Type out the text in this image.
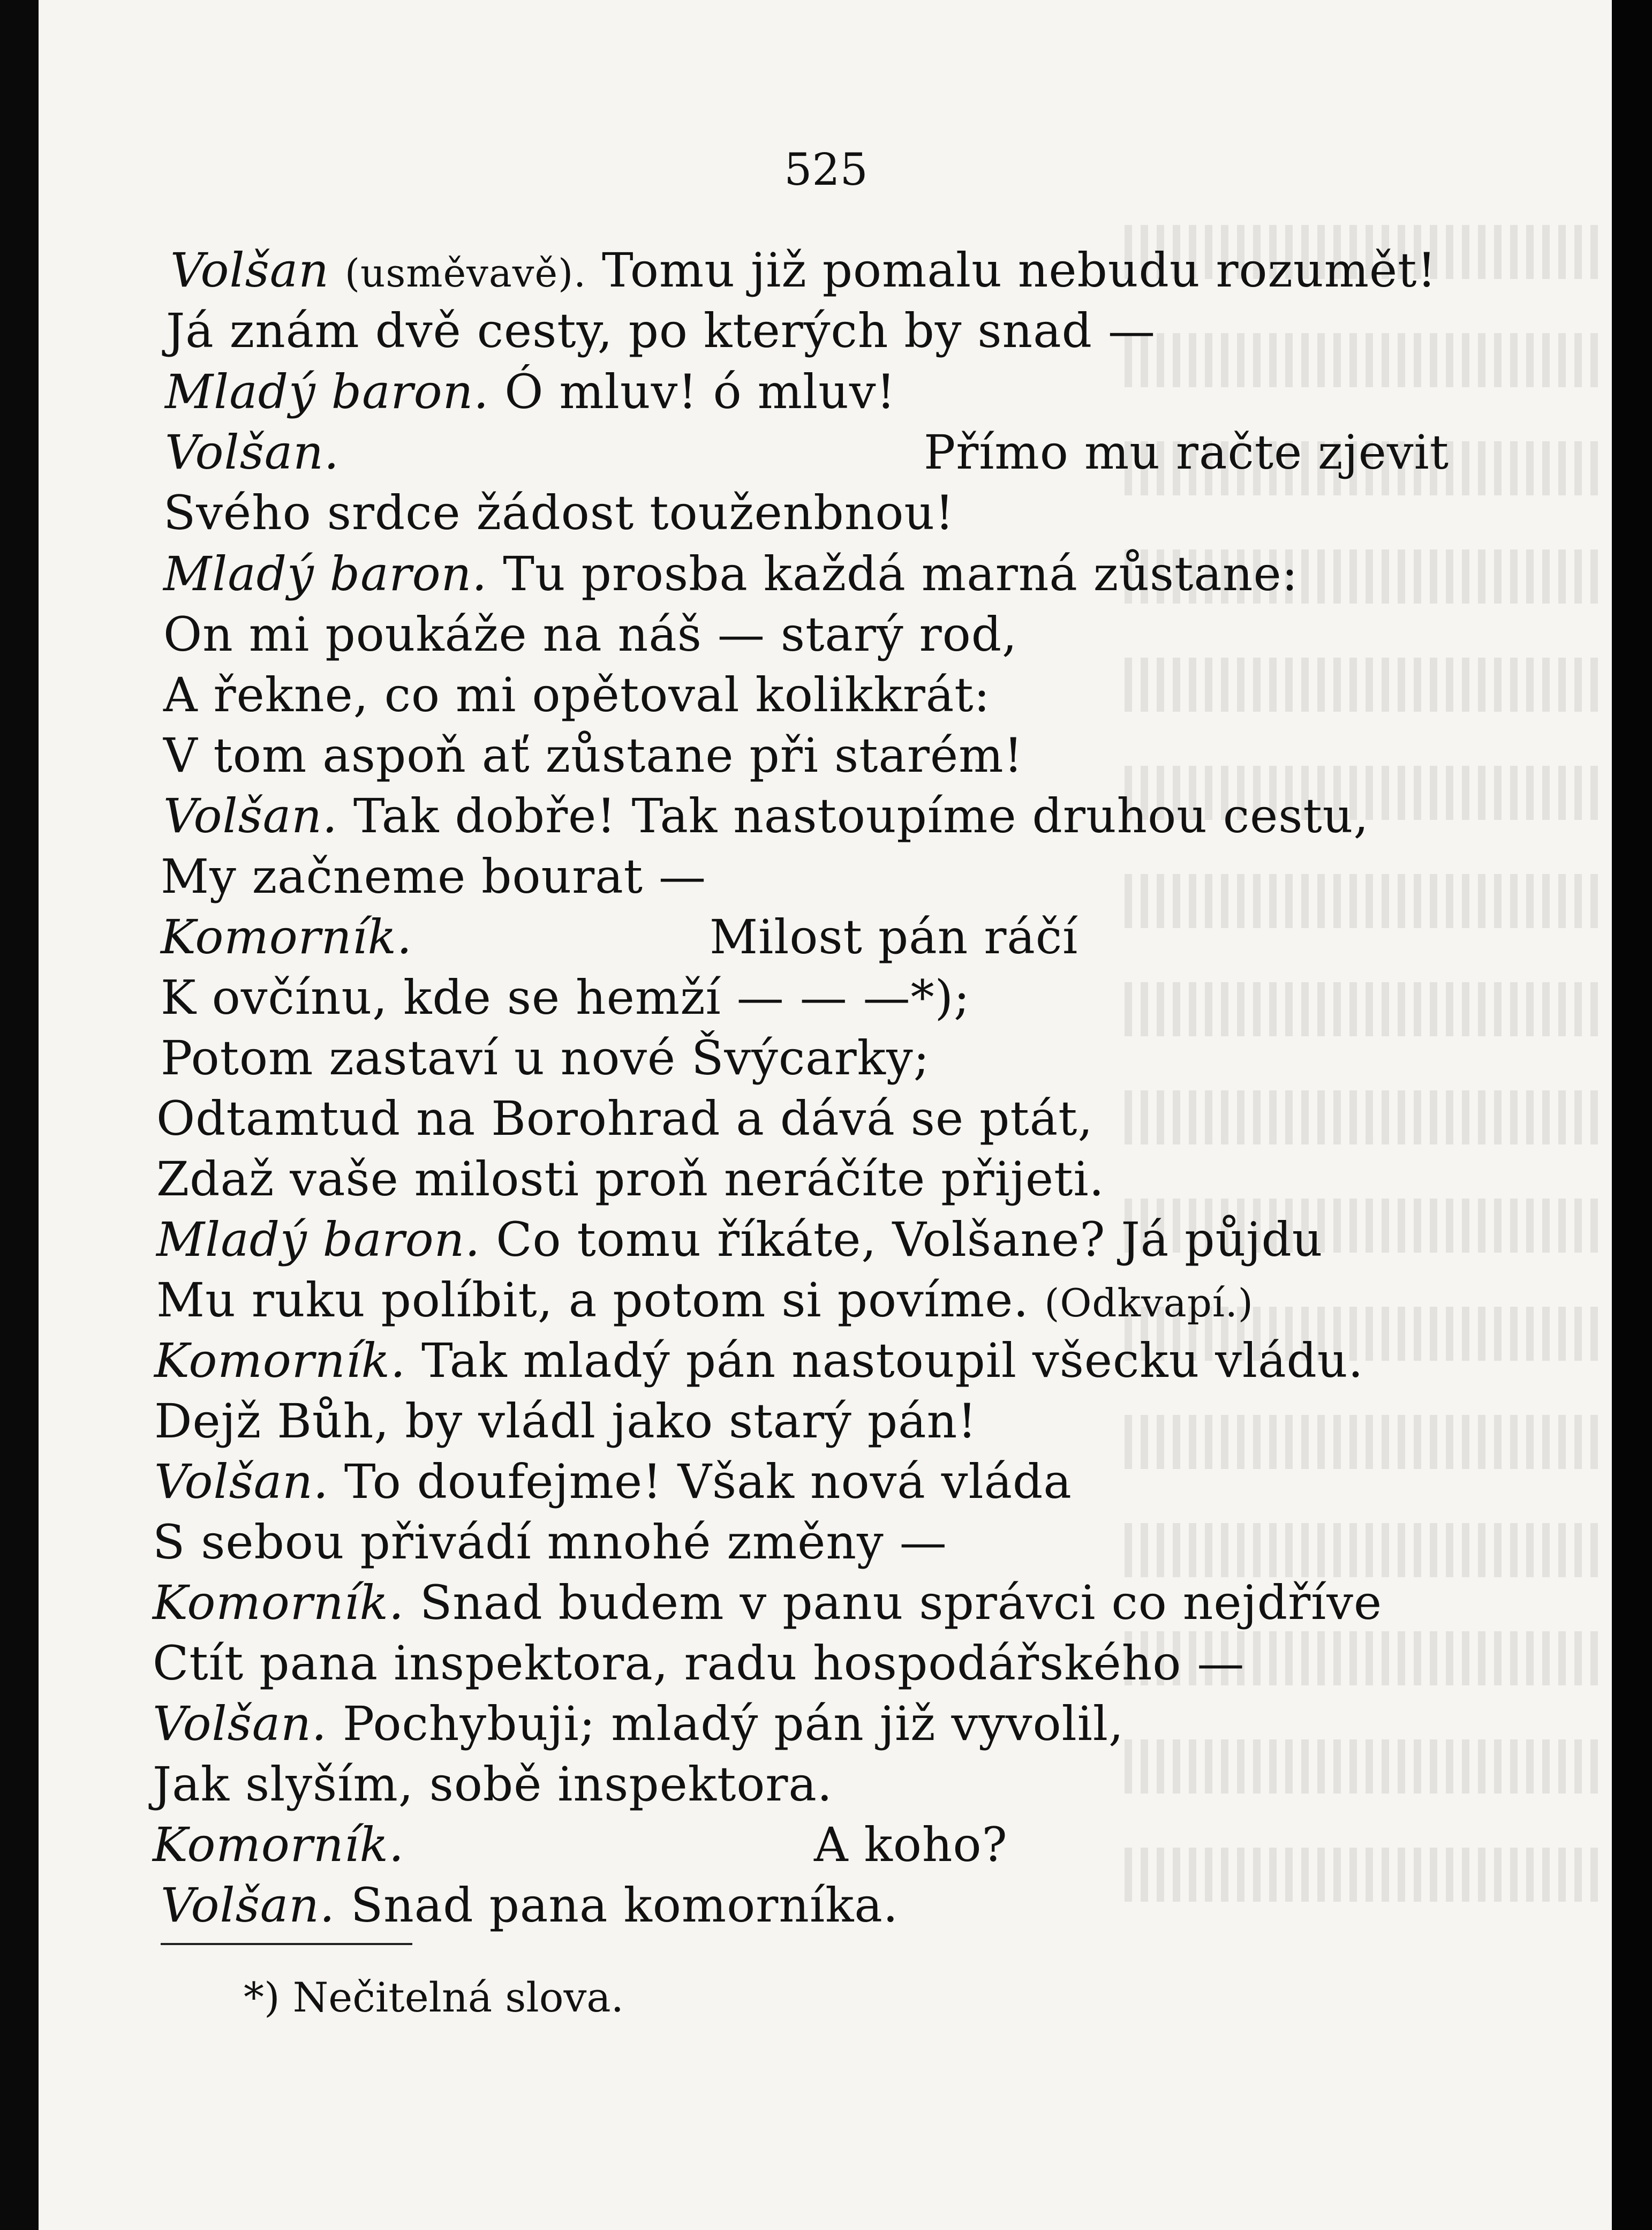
525
Volšan (usměvavě). Tomu již pomalu nebudu rozumět!
Já znám dvě cesty, po kterých by snad —
Mladý baron. Ó mluv! ó mluv!
Volšan.	Přímo mu račte zjevit
Svého srdce žádost touženbnou!
Mladý baron. Tu prosba každá marná zůstane:
On mi poukáže na náš — starý rod,
A řekne, co mi opětoval kolikkrát:
V tom aspoň ať zůstane při starém!
Volšan. Tak dobře! Tak nastoupíme druhou cestu,
My začneme bourat —
Komorník.	Milost pán ráčí
K ovčínu, kde se hemží — — —*);
Potom zastaví u nové Švýcarky;
Odtamtud na Borohrad a dává se ptát,
Zdaž vaše milosti proň neráčíte přijeti.
Mladý baron. Co tomu říkáte, Volšane? Já půjdu
Mu ruku políbit, a potom si povíme. (Odkvapí.)
Komorník. Tak mladý pán nastoupil všecku vládu.
Dejž Bůh, by vládl jako starý pán!
Volšan. To doufejme! Však nová vláda
S sebou přivádí mnohé změny —
Komorník. Snad budem v panu správci co nejdříve
Ctít pana inspektora, radu hospodářského —
Volšan. Pochybuji; mladý pán již vyvolil,
Jak slyším, sobě inspektora.
Komorník.	A koho?
Volšan. Snad pana komorníka.
*) Nečitelná slova.
